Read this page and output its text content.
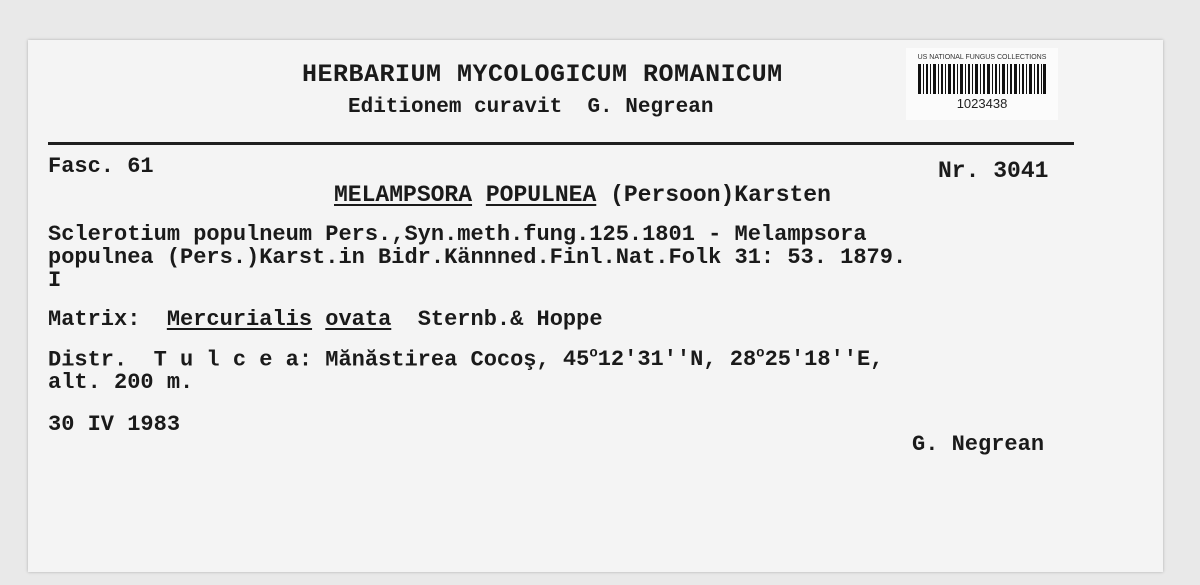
HERBARIUM MYCOLOGICUM ROMANICUM
Editionem curavit  G. Negrean
US NATIONAL FUNGUS COLLECTIONS
1023438
Fasc. 61	Nr. 3041
MELAMPSORA POPULNEA (Persoon)Karsten
Sclerotium populneum Pers.,Syn.meth.fung.125.1801 - Melampsora
populnea (Pers.)Karst.in Bidr.Kännned.Finl.Nat.Folk 31: 53. 1879.
I
Matrix: Mercurialis ovata Sternb.& Hoppe
Distr. T u l c e a: Mănăstirea Cocoş, 45$^o$12'31''N, 28$^o$25'18''E,
alt. 200 m.
30 IV 1983
G. Negrean
